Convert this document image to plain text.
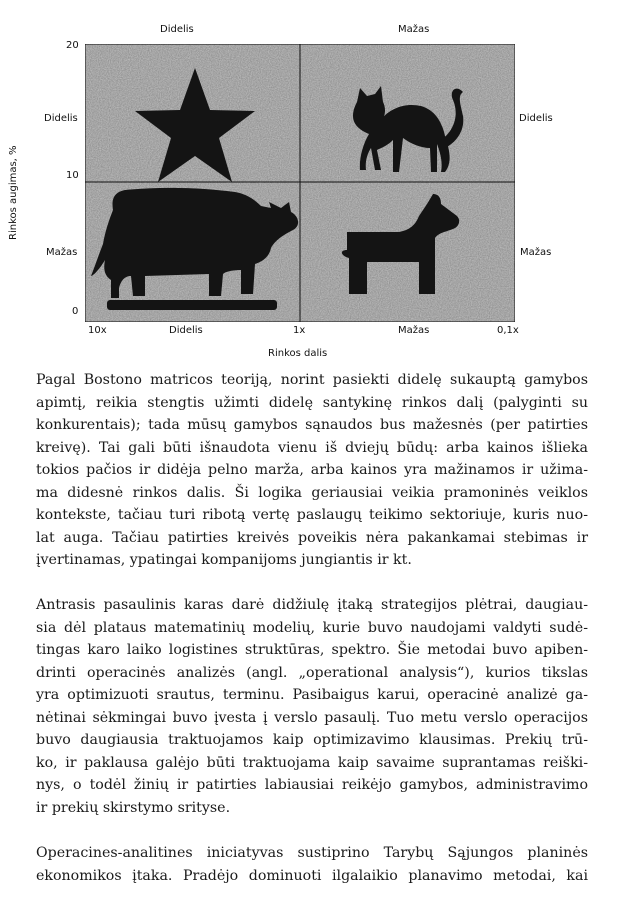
Didelis	Mažas
20
10
0
Didelis
Mažas
Didelis
Mažas
Rinkos augimas, %
10x	Didelis	1x	Mažas	0,1x
Rinkos dalis
Pagal Bostono matricos teoriją, norint pasiekti didelę sukauptą gamybos
apimtį, reikia stengtis užimti didelę santykinę rinkos dalį (palyginti su
konkurentais); tada mūsų gamybos sąnaudos bus mažesnės (per patirties
kreivę). Tai gali būti išnaudota vienu iš dviejų būdų: arba kainos išlieka
tokios pačios ir didėja pelno marža, arba kainos yra mažinamos ir užima-
ma didesnė rinkos dalis. Ši logika geriausiai veikia pramoninės veiklos
kontekste, tačiau turi ribotą vertę paslaugų teikimo sektoriuje, kuris nuo-
lat auga. Tačiau patirties kreivės poveikis nėra pakankamai stebimas ir
įvertinamas, ypatingai kompanijoms jungiantis ir kt.
Antrasis pasaulinis karas darė didžiulę įtaką strategijos plėtrai, daugiau-
sia dėl plataus matematinių modelių, kurie buvo naudojami valdyti sudė-
tingas karo laiko logistines struktūras, spektro. Šie metodai buvo apiben-
drinti operacinės analizės (angl. „operational analysis“), kurios tikslas
yra optimizuoti srautus, terminu. Pasibaigus karui, operacinė analizė ga-
nėtinai sėkmingai buvo įvesta į verslo pasaulį. Tuo metu verslo operacijos
buvo daugiausia traktuojamos kaip optimizavimo klausimas. Prekių trū-
ko, ir paklausa galėjo būti traktuojama kaip savaime suprantamas reiški-
nys, o todėl žinių ir patirties labiausiai reikėjo gamybos, administravimo
ir prekių skirstymo srityse.
Operacines-analitines iniciatyvas sustiprino Tarybų Sąjungos planinės
ekonomikos įtaka. Pradėjo dominuoti ilgalaikio planavimo metodai, kai
